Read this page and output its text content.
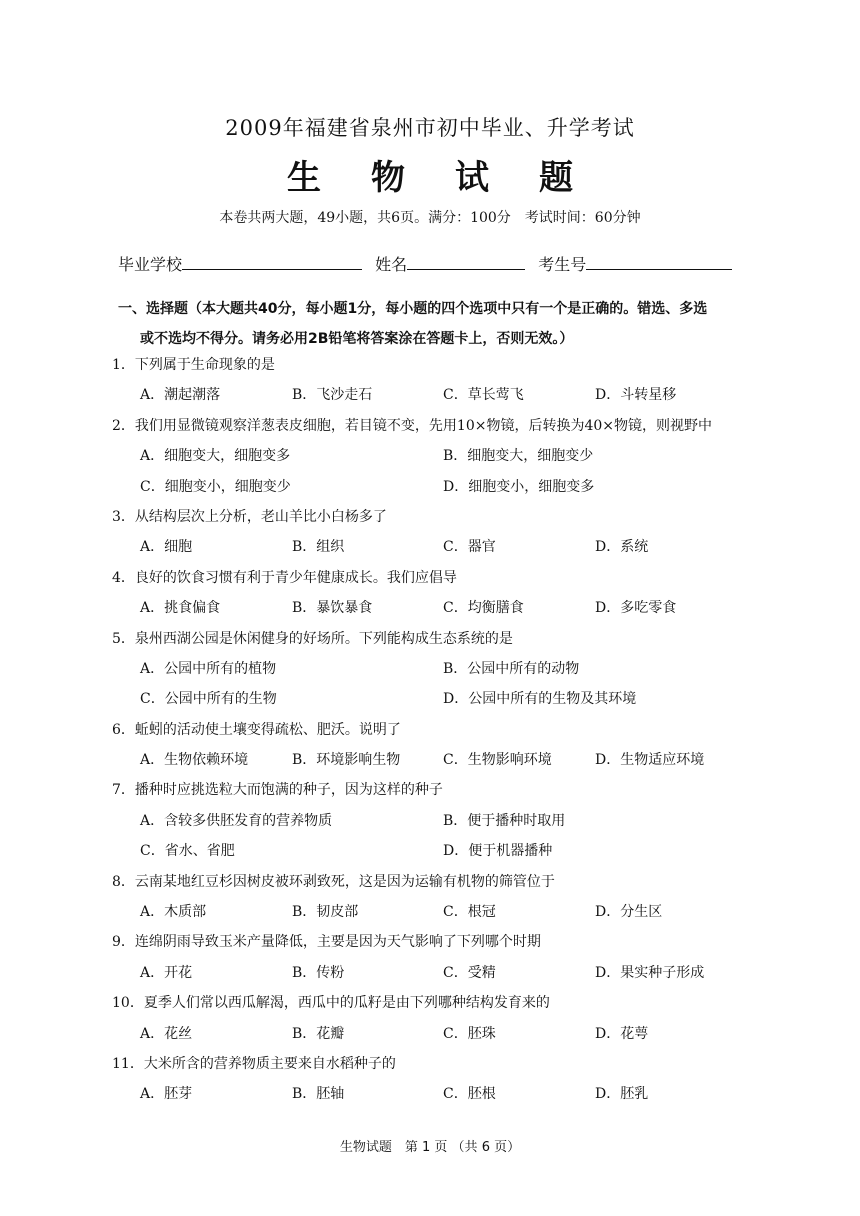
2009年福建省泉州市初中毕业、升学考试
生物试题
本卷共两大题，49小题，共6页。满分：100分　考试时间：60分钟
毕业学校	姓名	考生号
一、选择题（本大题共40分，每小题1分，每小题的四个选项中只有一个是正确的。错选、多选
或不选均不得分。请务必用2B铅笔将答案涂在答题卡上，否则无效。）
1．下列属于生命现象的是
A．潮起潮落	B．飞沙走石	C．草长莺飞	D．斗转星移
2．我们用显微镜观察洋葱表皮细胞，若目镜不变，先用10×物镜，后转换为40×物镜，则视野中
A．细胞变大，细胞变多	B．细胞变大，细胞变少
C．细胞变小，细胞变少	D．细胞变小，细胞变多
3．从结构层次上分析，老山羊比小白杨多了
A．细胞	B．组织	C．器官	D．系统
4．良好的饮食习惯有利于青少年健康成长。我们应倡导
A．挑食偏食	B．暴饮暴食	C．均衡膳食	D．多吃零食
5．泉州西湖公园是休闲健身的好场所。下列能构成生态系统的是
A．公园中所有的植物	B．公园中所有的动物
C．公园中所有的生物	D．公园中所有的生物及其环境
6．蚯蚓的活动使土壤变得疏松、肥沃。说明了
A．生物依赖环境	B．环境影响生物	C．生物影响环境	D．生物适应环境
7．播种时应挑选粒大而饱满的种子，因为这样的种子
A．含较多供胚发育的营养物质	B．便于播种时取用
C．省水、省肥	D．便于机器播种
8．云南某地红豆杉因树皮被环剥致死，这是因为运输有机物的筛管位于
A．木质部	B．韧皮部	C．根冠	D．分生区
9．连绵阴雨导致玉米产量降低，主要是因为天气影响了下列哪个时期
A．开花	B．传粉	C．受精	D．果实种子形成
10．夏季人们常以西瓜解渴，西瓜中的瓜籽是由下列哪种结构发育来的
A．花丝	B．花瓣	C．胚珠	D．花萼
11．大米所含的营养物质主要来自水稻种子的
A．胚芽	B．胚轴	C．胚根	D．胚乳
生物试题　第 1 页 （共 6 页）
